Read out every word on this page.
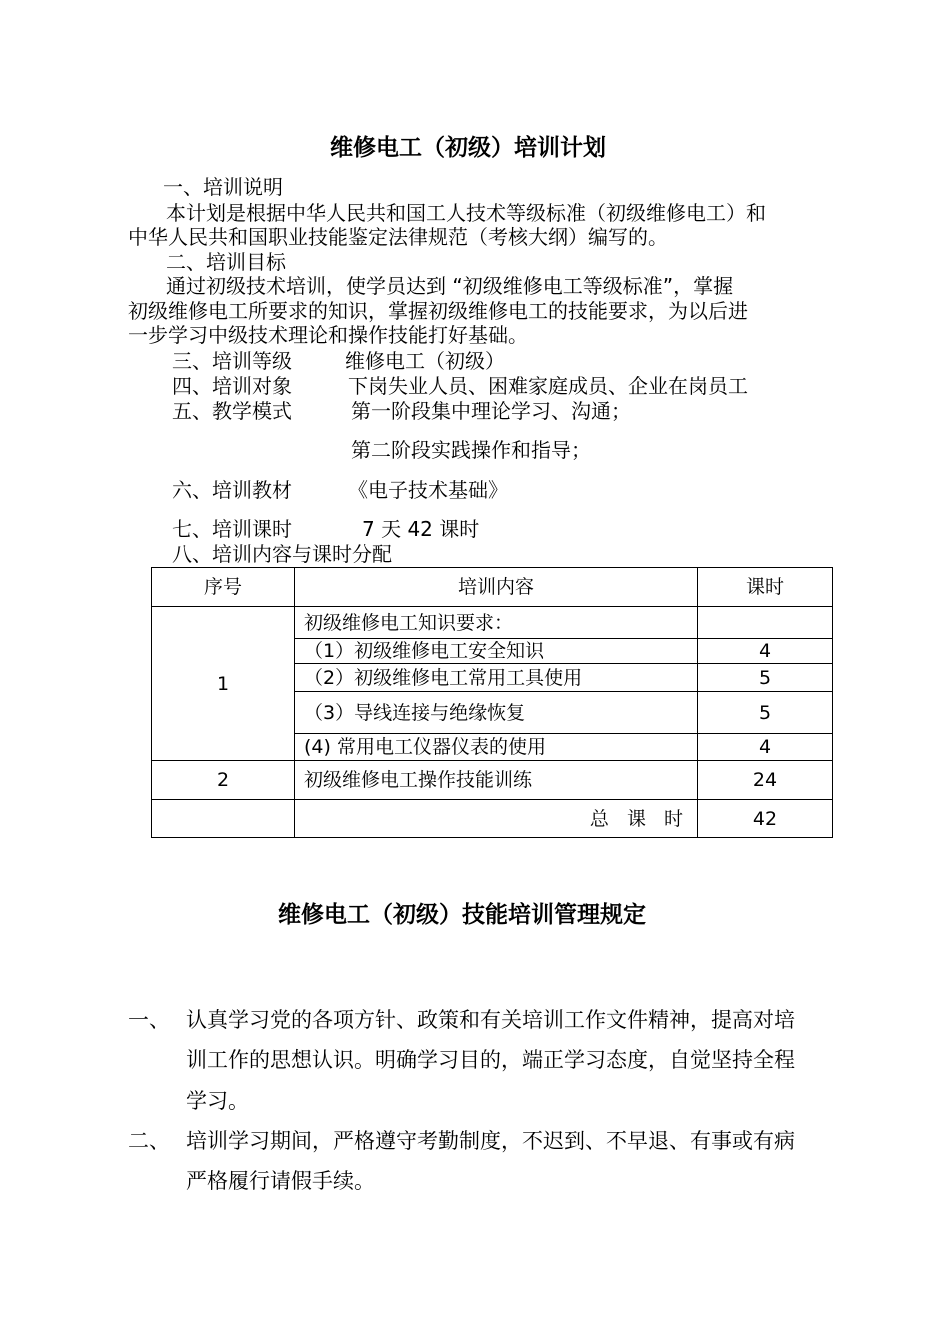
维修电工（初级）培训计划
一、培训说明
本计划是根据中华人民共和国工人技术等级标准（初级维修电工）和
中华人民共和国职业技能鉴定法律规范（考核大纲）编写的。
二、培训目标
通过初级技术培训，使学员达到 “初级维修电工等级标准”，掌握
初级维修电工所要求的知识，掌握初级维修电工的技能要求，为以后进
一步学习中级技术理论和操作技能打好基础。
三、培训等级	维修电工（初级）
四、培训对象	下岗失业人员、困难家庭成员、企业在岗员工
五、教学模式	第一阶段集中理论学习、沟通；
第二阶段实践操作和指导；
六、培训教材	《电子技术基础》
七、培训课时	7 天 42 课时
八、培训内容与课时分配
序号	培训内容	课时
1	初级维修电工知识要求：	
	（1）初级维修电工安全知识	4
	（2）初级维修电工常用工具使用	5
	（3）导线连接与绝缘恢复	5
	(4) 常用电工仪器仪表的使用	4
2	初级维修电工操作技能训练	24
	总 课 时	42
维修电工（初级）技能培训管理规定
一、 认真学习党的各项方针、政策和有关培训工作文件精神，提高对培
训工作的思想认识。明确学习目的，端正学习态度，自觉坚持全程
学习。
二、 培训学习期间，严格遵守考勤制度，不迟到、不早退、有事或有病
严格履行请假手续。
